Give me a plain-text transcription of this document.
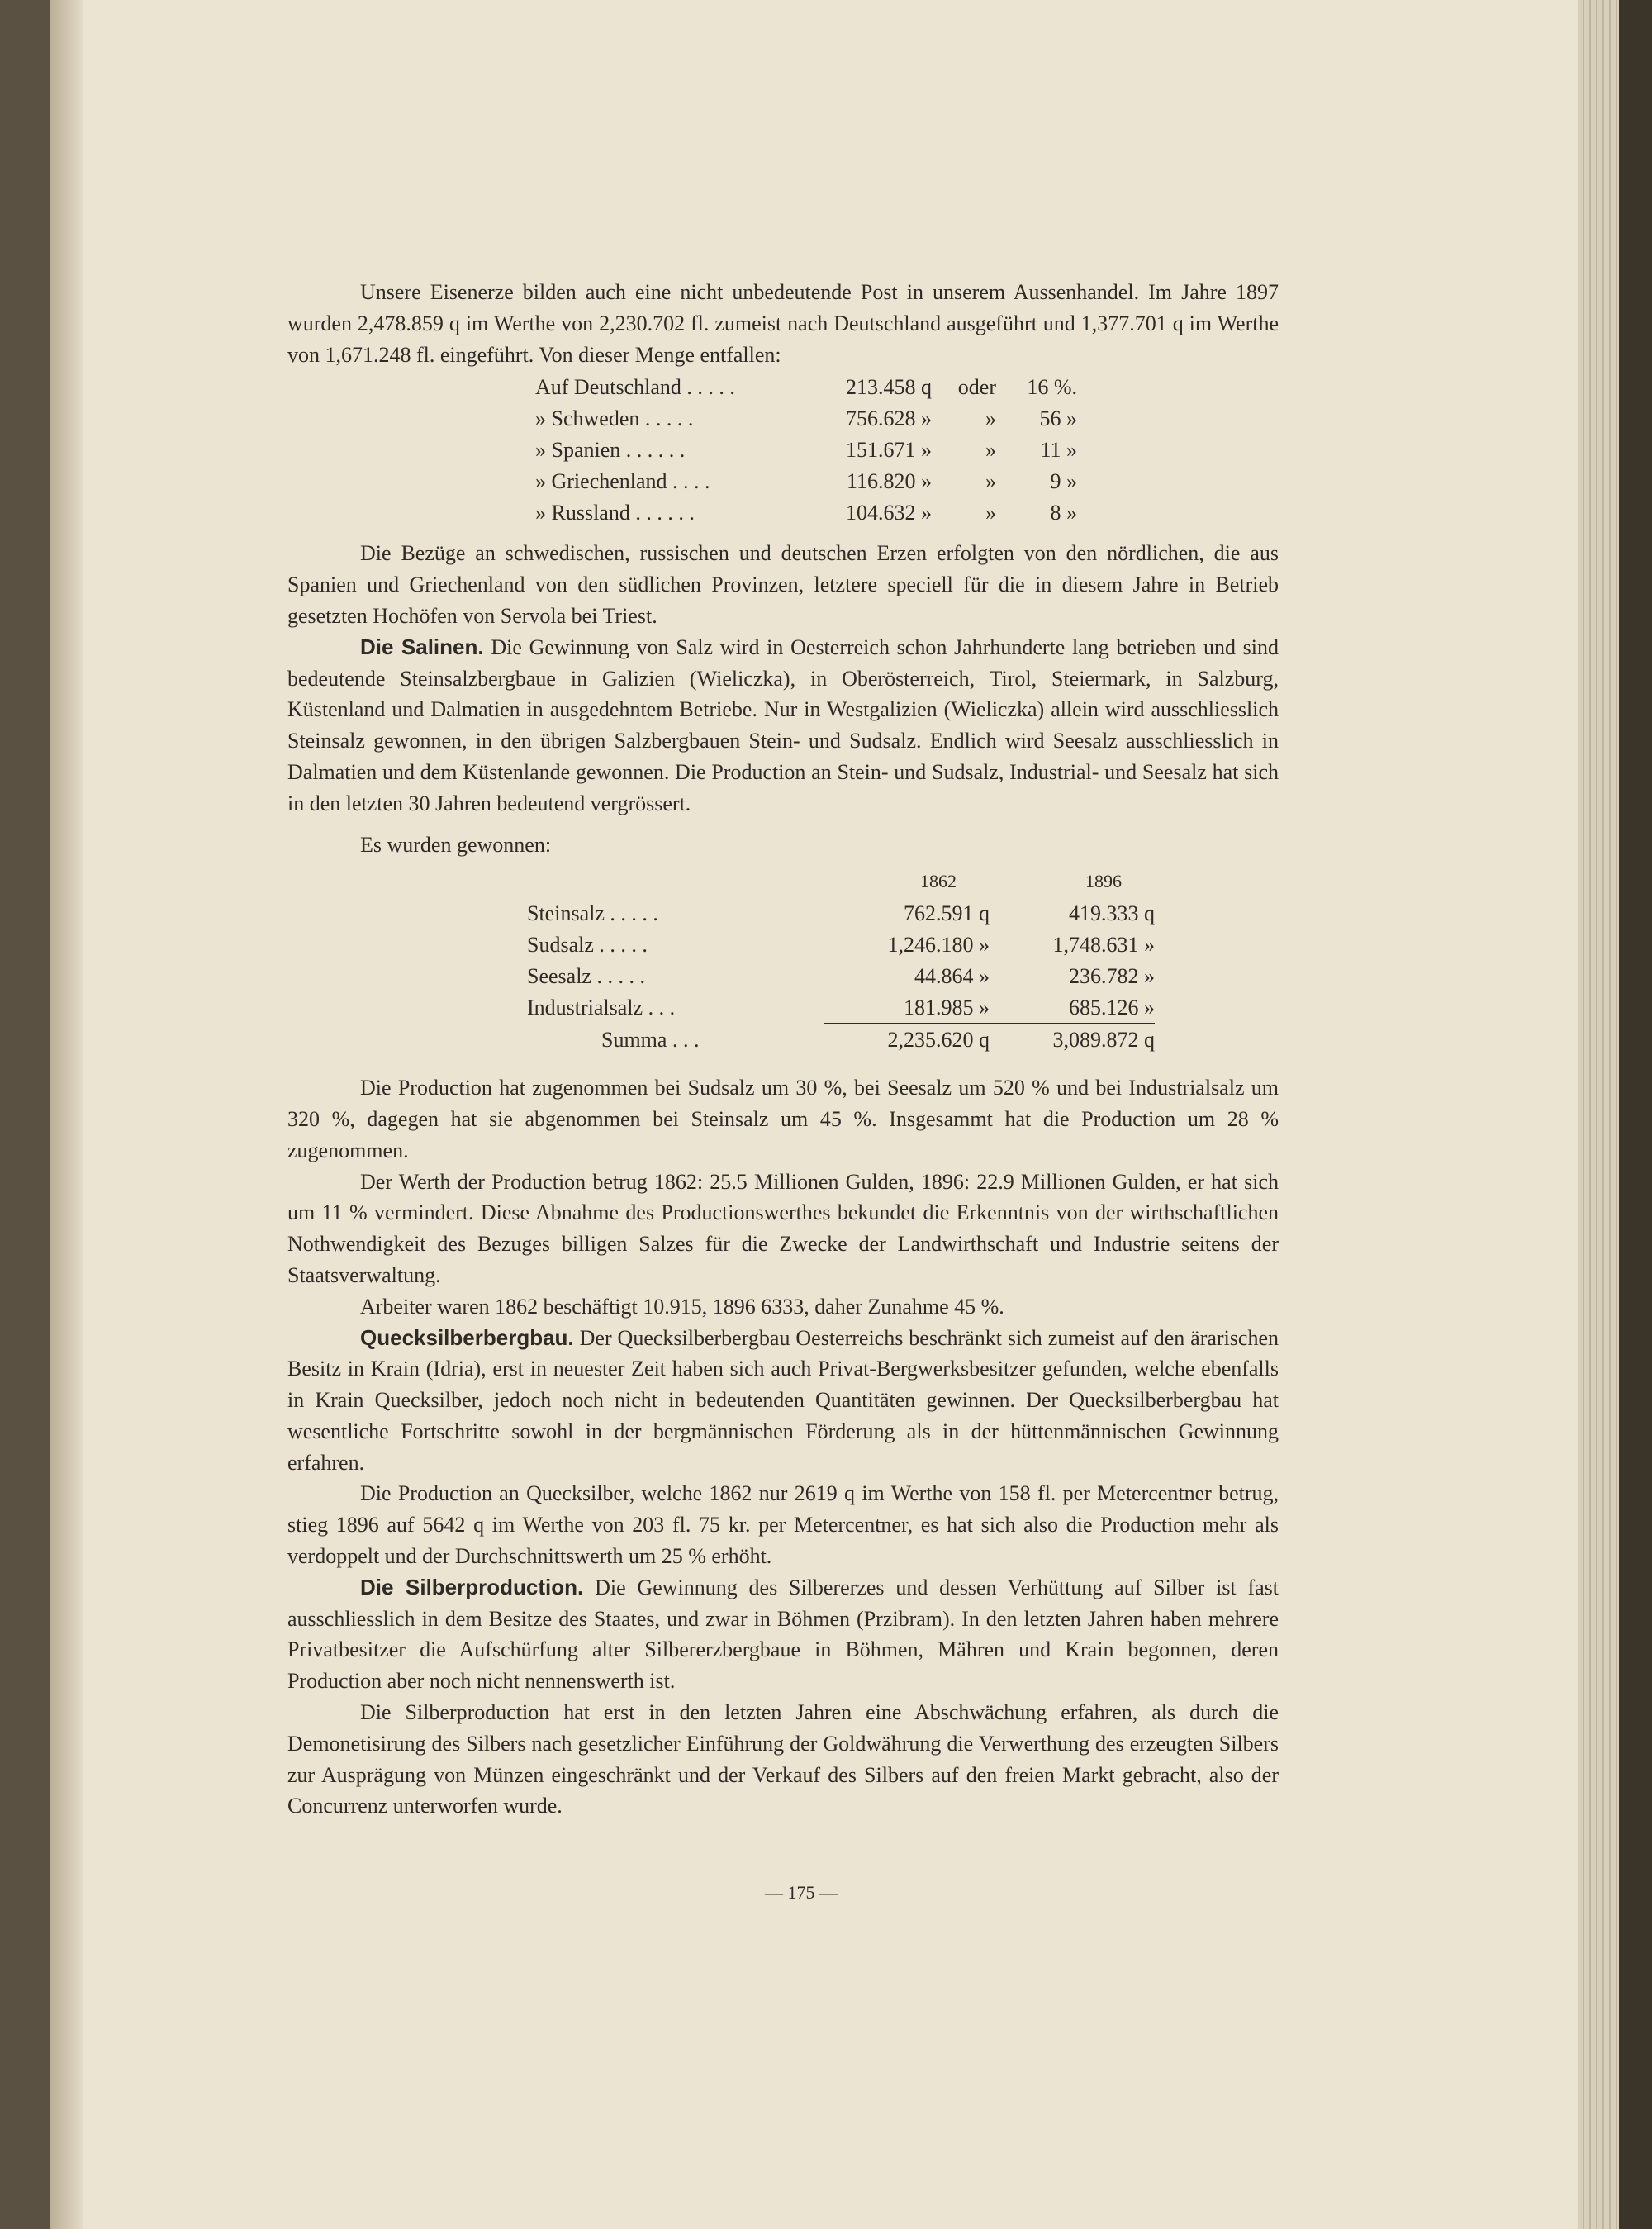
Unsere Eisenerze bilden auch eine nicht unbedeutende Post in unserem Aussenhandel. Im Jahre 1897 wurden 2,478.859 q im Werthe von 2,230.702 fl. zumeist nach Deutschland ausgeführt und 1,377.701 q im Werthe von 1,671.248 fl. eingeführt. Von dieser Menge entfallen:

Auf Deutschland . . . . .	213.458 q	oder	16 %.
» Schweden . . . . .	756.628 »	»	56 »
» Spanien . . . . . .	151.671 »	»	11 »
» Griechenland . . . .	116.820 »	»	9 »
» Russland . . . . . .	104.632 »	»	8 »

Die Bezüge an schwedischen, russischen und deutschen Erzen erfolgten von den nördlichen, die aus Spanien und Griechenland von den südlichen Provinzen, letztere speciell für die in diesem Jahre in Betrieb gesetzten Hochöfen von Servola bei Triest.

Die Salinen. Die Gewinnung von Salz wird in Oesterreich schon Jahrhunderte lang betrieben und sind bedeutende Steinsalzbergbaue in Galizien (Wieliczka), in Oberösterreich, Tirol, Steiermark, in Salzburg, Küstenland und Dalmatien in ausgedehntem Betriebe. Nur in Westgalizien (Wieliczka) allein wird ausschliesslich Steinsalz gewonnen, in den übrigen Salzbergbauen Stein- und Sudsalz. Endlich wird Seesalz ausschliesslich in Dalmatien und dem Küstenlande gewonnen. Die Production an Stein- und Sudsalz, Industrial- und Seesalz hat sich in den letzten 30 Jahren bedeutend vergrössert.

Es wurden gewonnen:

	1862	1896
Steinsalz . . . . .	762.591 q	419.333 q
Sudsalz . . . . .	1,246.180 »	1,748.631 »
Seesalz . . . . .	44.864 »	236.782 »
Industrialsalz . . .	181.985 »	685.126 »
Summa . . .	2,235.620 q	3,089.872 q

Die Production hat zugenommen bei Sudsalz um 30 %, bei Seesalz um 520 % und bei Industrialsalz um 320 %, dagegen hat sie abgenommen bei Steinsalz um 45 %. Insgesammt hat die Production um 28 % zugenommen.

Der Werth der Production betrug 1862: 25.5 Millionen Gulden, 1896: 22.9 Millionen Gulden, er hat sich um 11 % vermindert. Diese Abnahme des Productionswerthes bekundet die Erkenntnis von der wirthschaftlichen Nothwendigkeit des Bezuges billigen Salzes für die Zwecke der Landwirthschaft und Industrie seitens der Staatsverwaltung.

Arbeiter waren 1862 beschäftigt 10.915, 1896 6333, daher Zunahme 45 %.

Quecksilberbergbau. Der Quecksilberbergbau Oesterreichs beschränkt sich zumeist auf den ärarischen Besitz in Krain (Idria), erst in neuester Zeit haben sich auch Privat-Bergwerksbesitzer gefunden, welche ebenfalls in Krain Quecksilber, jedoch noch nicht in bedeutenden Quantitäten gewinnen. Der Quecksilberbergbau hat wesentliche Fortschritte sowohl in der bergmännischen Förderung als in der hüttenmännischen Gewinnung erfahren.

Die Production an Quecksilber, welche 1862 nur 2619 q im Werthe von 158 fl. per Metercentner betrug, stieg 1896 auf 5642 q im Werthe von 203 fl. 75 kr. per Metercentner, es hat sich also die Production mehr als verdoppelt und der Durchschnittswerth um 25 % erhöht.

Die Silberproduction. Die Gewinnung des Silbererzes und dessen Verhüttung auf Silber ist fast ausschliesslich in dem Besitze des Staates, und zwar in Böhmen (Przibram). In den letzten Jahren haben mehrere Privatbesitzer die Aufschürfung alter Silbererzbergbaue in Böhmen, Mähren und Krain begonnen, deren Production aber noch nicht nennenswerth ist.

Die Silberproduction hat erst in den letzten Jahren eine Abschwächung erfahren, als durch die Demonetisirung des Silbers nach gesetzlicher Einführung der Goldwährung die Verwerthung des erzeugten Silbers zur Ausprägung von Münzen eingeschränkt und der Verkauf des Silbers auf den freien Markt gebracht, also der Concurrenz unterworfen wurde.

— 175 —
